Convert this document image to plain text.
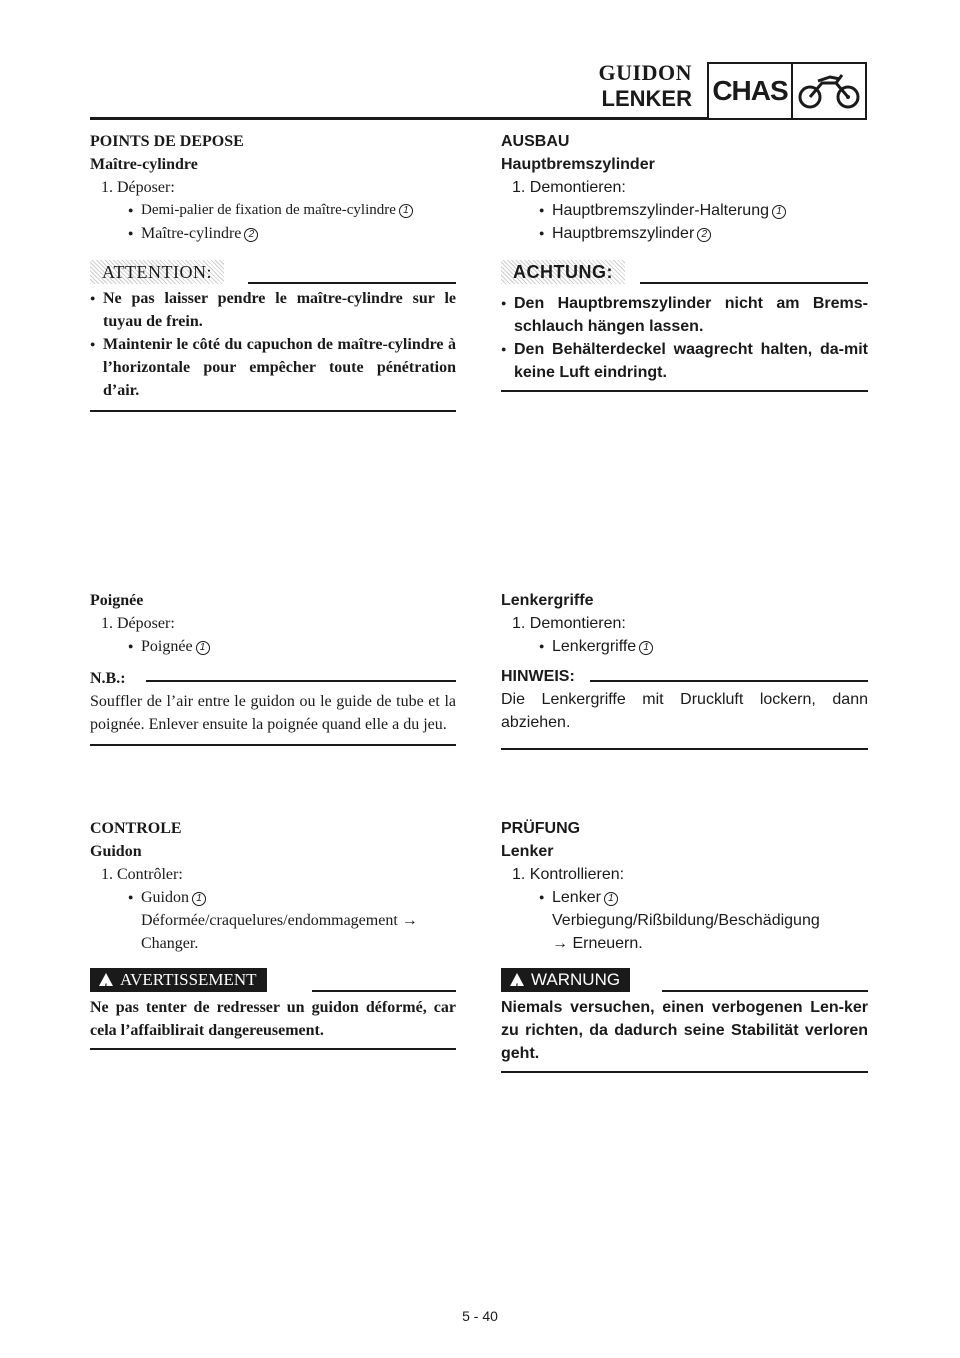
GUIDON
LENKER CHAS
POINTS DE DEPOSE
Maître-cylindre
1. Déposer:
● Demi-palier de fixation de maître-cylindre 1
● Maître-cylindre 2
ATTENTION:
● Ne pas laisser pendre le maître-cylindre sur le tuyau de frein.
● Maintenir le côté du capuchon de maître-cylindre à l’horizontale pour empêcher toute pénétration d’air.
AUSBAU
Hauptbremszylinder
1. Demontieren:
● Hauptbremszylinder-Halterung 1
● Hauptbremszylinder 2
ACHTUNG:
● Den Hauptbremszylinder nicht am Brems-schlauch hängen lassen.
● Den Behälterdeckel waagrecht halten, da-mit keine Luft eindringt.
Poignée
1. Déposer:
● Poignée 1
N.B.:
Souffler de l’air entre le guidon ou le guide de tube et la poignée. Enlever ensuite la poignée quand elle a du jeu.
Lenkergriffe
1. Demontieren:
● Lenkergriffe 1
HINWEIS:
Die Lenkergriffe mit Druckluft lockern, dann abziehen.
CONTROLE
Guidon
1. Contrôler:
● Guidon 1
Déformée/craquelures/endommagement →
Changer.
!
AVERTISSEMENT
Ne pas tenter de redresser un guidon déformé, car cela l’affaiblirait dangereusement.
PRÜFUNG
Lenker
1. Kontrollieren:
● Lenker 1
Verbiegung/Rißbildung/Beschädigung
→ Erneuern.
!
WARNUNG
Niemals versuchen, einen verbogenen Len-ker zu richten, da dadurch seine Stabilität verloren geht.
5 - 40
